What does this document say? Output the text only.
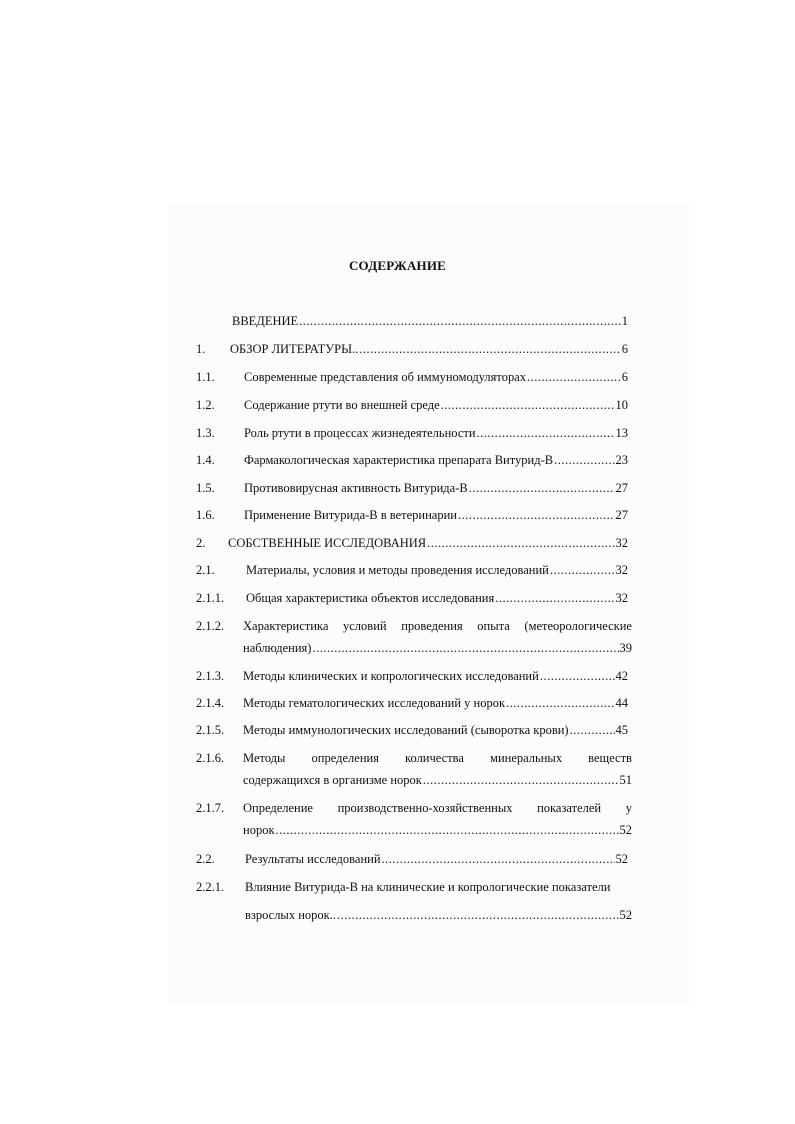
СОДЕРЖАНИЕ
ВВЕДЕНИЕ .....	1
1. ОБЗОР ЛИТЕРАТУРЫ.. .....	6
1.1. Современные представления об иммуномодуляторах .....	6
1.2. Содержание ртути во внешней среде .....	10
1.3. Роль ртути в процессах жизнедеятельности .....	13
1.4. Фармакологическая характеристика препарата Витурид-В .....	23
1.5. Противовирусная активность Витурида-В .....	27
1.6. Применение Витурида-В в ветеринарии .....	27
2. СОБСТВЕННЫЕ ИССЛЕДОВАНИЯ .....	32
2.1.	Материалы, условия и методы проведения исследований .....	32
2.1.1. Общая характеристика объектов исследования .....	32
2.1.2. Характеристика условий проведения опыта (метеорологические
наблюдения) .....	39
2.1.3. Методы клинических и копрологических исследований .....	42
2.1.4. Методы гематологических исследований у норок .....	44
2.1.5. Методы иммунологических исследований (сыворотка крови) .....	45
2.1.6. Методы определения количества минеральных веществ
содержащихся в организме норок .....	51
2.1.7. Определение производственно-хозяйственных показателей у
норок .....	52
2.2. Результаты исследований .....	52
2.2.1. Влияние Витурида-В на клинические и копрологические показатели
взрослых норок.. .....	52
